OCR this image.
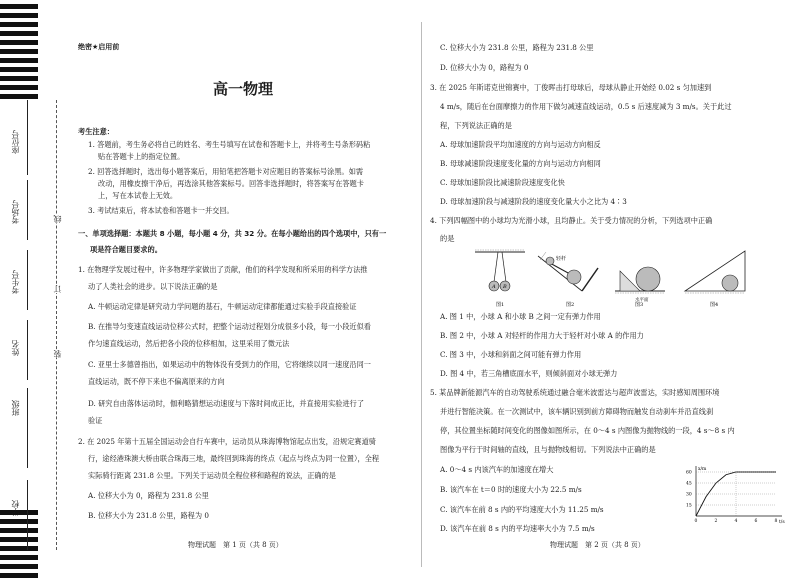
座位号
考场号
考生号
姓名
班级
学校
线
订
装

绝密★启用前

高一物理

考生注意：

1. 答题前，考生务必将自己的姓名、考生号填写在试卷和答题卡上，并将考生号条形码粘

贴在答题卡上的指定位置。

2. 回答选择题时，选出每小题答案后，用铅笔把答题卡对应题目的答案标号涂黑。如需

改动，用橡皮擦干净后，再选涂其他答案标号。回答非选择题时，将答案写在答题卡

上，写在本试卷上无效。

3. 考试结束后，将本试卷和答题卡一并交回。

一、单项选择题：本题共 8 小题，每小题 4 分，共 32 分。在每小题给出的四个选项中，只有一

项是符合题目要求的。

1. 在物理学发展过程中，许多物理学家做出了贡献，他们的科学发现和所采用的科学方法推

动了人类社会的进步。以下说法正确的是

A. 牛顿运动定律是研究动力学问题的基石，牛顿运动定律都能通过实验手段直接验证

B. 在推导匀变速直线运动位移公式时，把整个运动过程划分成很多小段，每一小段近似看

作匀速直线运动，然后把各小段的位移相加，这里采用了微元法

C. 亚里士多德曾指出，如果运动中的物体没有受到力的作用，它将继续以同一速度沿同一

直线运动，既不停下来也不偏离原来的方向

D. 研究自由落体运动时，伽利略猜想运动速度与下落时间成正比，并直接用实验进行了

验证

2. 在 2025 年第十五届全国运动会自行车赛中，运动员从珠海博物馆起点出发，沿规定赛道骑

行，途经港珠澳大桥由联合珠海三地，最终回到珠海的终点（起点与终点为同一位置），全程

实际骑行距离 231.8 公里。下列关于运动员全程位移和路程的说法，正确的是

A. 位移大小为 0，路程为 231.8 公里

B. 位移大小为 231.8 公里，路程为 0

物理试题　第 1 页（共 8 页）

C. 位移大小为 231.8 公里，路程为 231.8 公里

D. 位移大小为 0，路程为 0

3. 在 2025 年斯诺克世锦赛中，丁俊晖击打母球后，母球从静止开始经 0.02 s 匀加速到

4 m/s，随后在台面摩擦力的作用下做匀减速直线运动，0.5 s 后速度减为 3 m/s。关于此过

程，下列说法正确的是

A. 母球加速阶段平均加速度的方向与运动方向相反

B. 母球减速阶段速度变化量的方向与运动方向相同

C. 母球加速阶段比减速阶段速度变化快

D. 母球加速阶段与减速阶段的速度变化量大小之比为 4∶3

4. 下列四幅图中的小球均为光滑小球，且均静止。关于受力情况的分析，下列选项中正确

的是

A B
轻杆
水平面
图1	图2	图3	图4

A. 图 1 中，小球 A 和小球 B 之间一定有弹力作用

B. 图 2 中，小球 A 对轻杆的作用力大于轻杆对小球 A 的作用力

C. 图 3 中，小球和斜面之间可能有弹力作用

D. 图 4 中，若三角槽底面水平，则倾斜面对小球无弹力

5. 某品牌新能源汽车的自动驾驶系统通过融合毫米波雷达与超声波雷达，实时感知周围环境

并进行智能决策。在一次测试中，该车辆识别到前方障碍物而触发自动刹车并沿直线刹

停，其位置坐标随时间变化的图像如图所示，在 0～4 s 内图像为抛物线的一段，4 s～8 s 内

图像为平行于时间轴的直线，且与抛物线相切。下列说法中正确的是

A. 0～4 s 内该汽车的加速度在增大

B. 该汽车在 t＝0 时的速度大小为 22.5 m/s

C. 该汽车在前 8 s 内的平均速度大小为 11.25 m/s

D. 该汽车在前 8 s 内的平均速率大小为 7.5 m/s

t/s
x/m
60
45
30
15
0	2	4	6	8

物理试题　第 2 页（共 8 页）
